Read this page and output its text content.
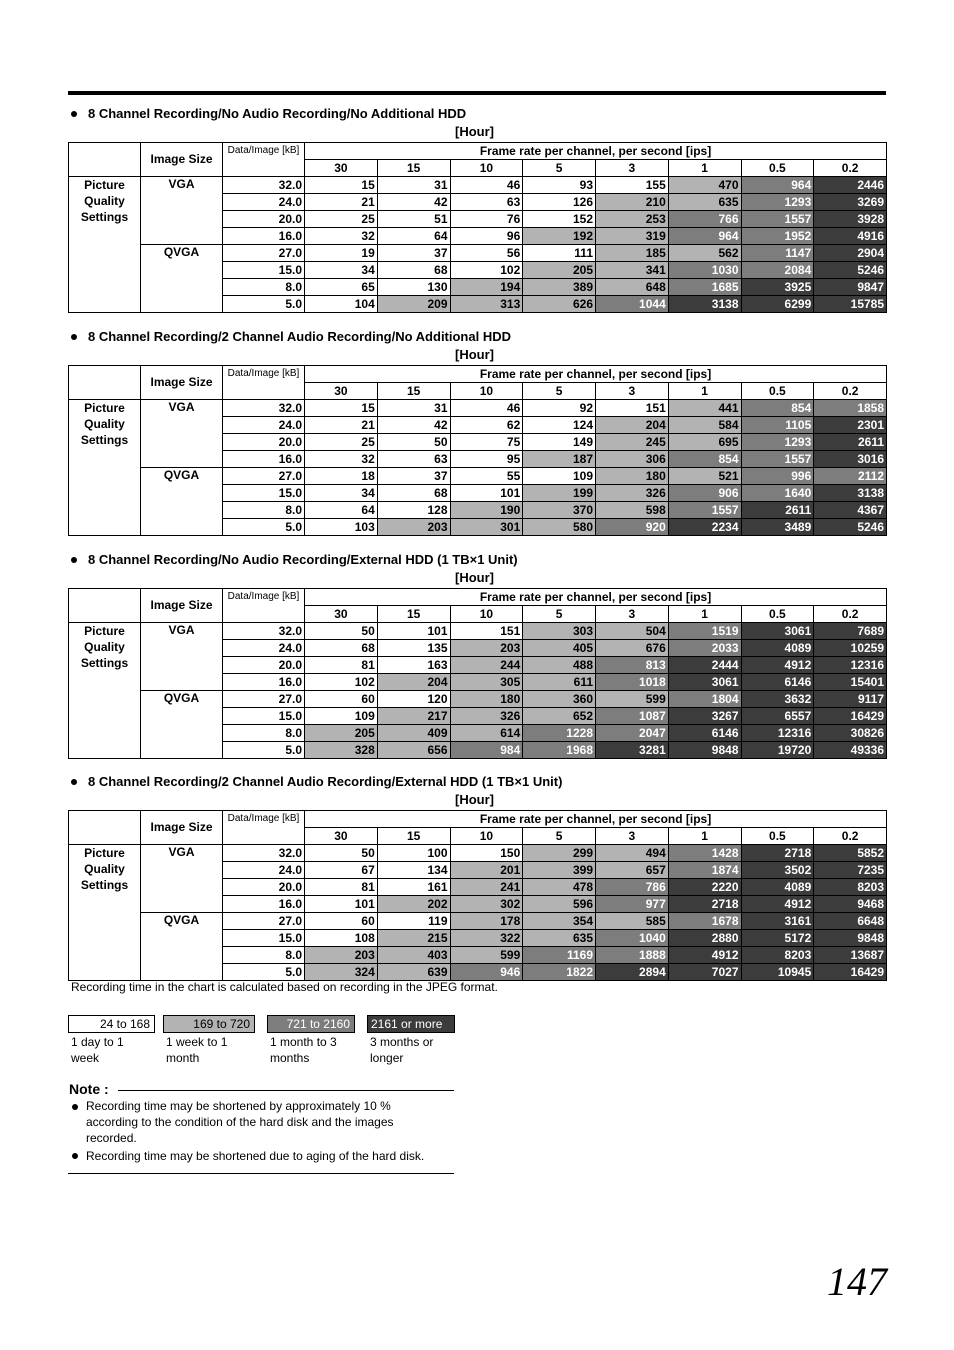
8 Channel Recording/No Audio Recording/No Additional HDD
[Hour]
	Image Size	Data/Image [kB]	Frame rate per channel, per second [ips]							
			30	15	10	5	3	1	0.5	0.2
Picture Quality Settings	VGA	32.0	15	31	46	93	155	470	964	2446
		24.0	21	42	63	126	210	635	1293	3269
		20.0	25	51	76	152	253	766	1557	3928
		16.0	32	64	96	192	319	964	1952	4916
	QVGA	27.0	19	37	56	111	185	562	1147	2904
		15.0	34	68	102	205	341	1030	2084	5246
		8.0	65	130	194	389	648	1685	3925	9847
		5.0	104	209	313	626	1044	3138	6299	15785
8 Channel Recording/2 Channel Audio Recording/No Additional HDD
[Hour]
	Image Size	Data/Image [kB]	Frame rate per channel, per second [ips]							
			30	15	10	5	3	1	0.5	0.2
Picture Quality Settings	VGA	32.0	15	31	46	92	151	441	854	1858
		24.0	21	42	62	124	204	584	1105	2301
		20.0	25	50	75	149	245	695	1293	2611
		16.0	32	63	95	187	306	854	1557	3016
	QVGA	27.0	18	37	55	109	180	521	996	2112
		15.0	34	68	101	199	326	906	1640	3138
		8.0	64	128	190	370	598	1557	2611	4367
		5.0	103	203	301	580	920	2234	3489	5246
8 Channel Recording/No Audio Recording/External HDD (1 TB×1 Unit)
[Hour]
	Image Size	Data/Image [kB]	Frame rate per channel, per second [ips]							
			30	15	10	5	3	1	0.5	0.2
Picture Quality Settings	VGA	32.0	50	101	151	303	504	1519	3061	7689
		24.0	68	135	203	405	676	2033	4089	10259
		20.0	81	163	244	488	813	2444	4912	12316
		16.0	102	204	305	611	1018	3061	6146	15401
	QVGA	27.0	60	120	180	360	599	1804	3632	9117
		15.0	109	217	326	652	1087	3267	6557	16429
		8.0	205	409	614	1228	2047	6146	12316	30826
		5.0	328	656	984	1968	3281	9848	19720	49336
8 Channel Recording/2 Channel Audio Recording/External HDD (1 TB×1 Unit)
[Hour]
	Image Size	Data/Image [kB]	Frame rate per channel, per second [ips]							
			30	15	10	5	3	1	0.5	0.2
Picture Quality Settings	VGA	32.0	50	100	150	299	494	1428	2718	5852
		24.0	67	134	201	399	657	1874	3502	7235
		20.0	81	161	241	478	786	2220	4089	8203
		16.0	101	202	302	596	977	2718	4912	9468
	QVGA	27.0	60	119	178	354	585	1678	3161	6648
		15.0	108	215	322	635	1040	2880	5172	9848
		8.0	203	403	599	1169	1888	4912	8203	13687
		5.0	324	639	946	1822	2894	7027	10945	16429
Recording time in the chart is calculated based on recording in the JPEG format.
24 to 168	169 to 720	721 to 2160	2161 or more
1 day to 1 week
1 week to 1 month
1 month to 3 months
3 months or longer
Note :
Recording time may be shortened by approximately 10 % according to the condition of the hard disk and the images recorded.
Recording time may be shortened due to aging of the hard disk.
147
